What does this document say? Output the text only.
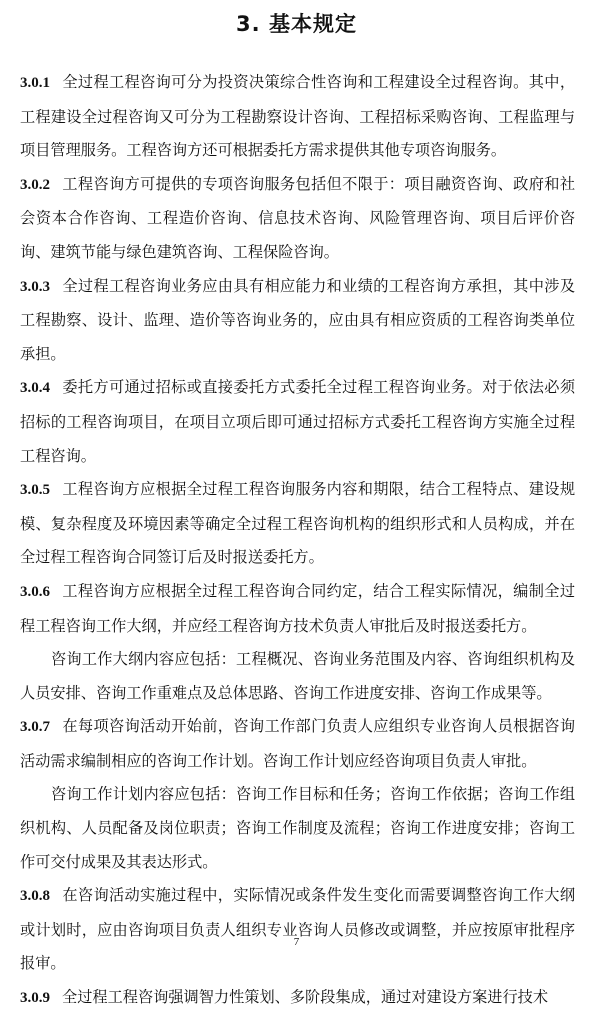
3. 基本规定

3.0.1 全过程工程咨询可分为投资决策综合性咨询和工程建设全过程咨询。其中，工程建设全过程咨询又可分为工程勘察设计咨询、工程招标采购咨询、工程监理与项目管理服务。工程咨询方还可根据委托方需求提供其他专项咨询服务。

3.0.2 工程咨询方可提供的专项咨询服务包括但不限于：项目融资咨询、政府和社会资本合作咨询、工程造价咨询、信息技术咨询、风险管理咨询、项目后评价咨询、建筑节能与绿色建筑咨询、工程保险咨询。

3.0.3 全过程工程咨询业务应由具有相应能力和业绩的工程咨询方承担，其中涉及工程勘察、设计、监理、造价等咨询业务的，应由具有相应资质的工程咨询类单位承担。

3.0.4 委托方可通过招标或直接委托方式委托全过程工程咨询业务。对于依法必须招标的工程咨询项目，在项目立项后即可通过招标方式委托工程咨询方实施全过程工程咨询。

3.0.5 工程咨询方应根据全过程工程咨询服务内容和期限，结合工程特点、建设规模、复杂程度及环境因素等确定全过程工程咨询机构的组织形式和人员构成，并在全过程工程咨询合同签订后及时报送委托方。

3.0.6 工程咨询方应根据全过程工程咨询合同约定，结合工程实际情况，编制全过程工程咨询工作大纲，并应经工程咨询方技术负责人审批后及时报送委托方。

咨询工作大纲内容应包括：工程概况、咨询业务范围及内容、咨询组织机构及人员安排、咨询工作重难点及总体思路、咨询工作进度安排、咨询工作成果等。

3.0.7 在每项咨询活动开始前，咨询工作部门负责人应组织专业咨询人员根据咨询活动需求编制相应的咨询工作计划。咨询工作计划应经咨询项目负责人审批。

咨询工作计划内容应包括：咨询工作目标和任务；咨询工作依据；咨询工作组织机构、人员配备及岗位职责；咨询工作制度及流程；咨询工作进度安排；咨询工作可交付成果及其表达形式。

3.0.8 在咨询活动实施过程中，实际情况或条件发生变化而需要调整咨询工作大纲或计划时，应由咨询项目负责人组织专业咨询人员修改或调整，并应按原审批程序报审。

3.0.9 全过程工程咨询强调智力性策划、多阶段集成，通过对建设方案进行技术

7
